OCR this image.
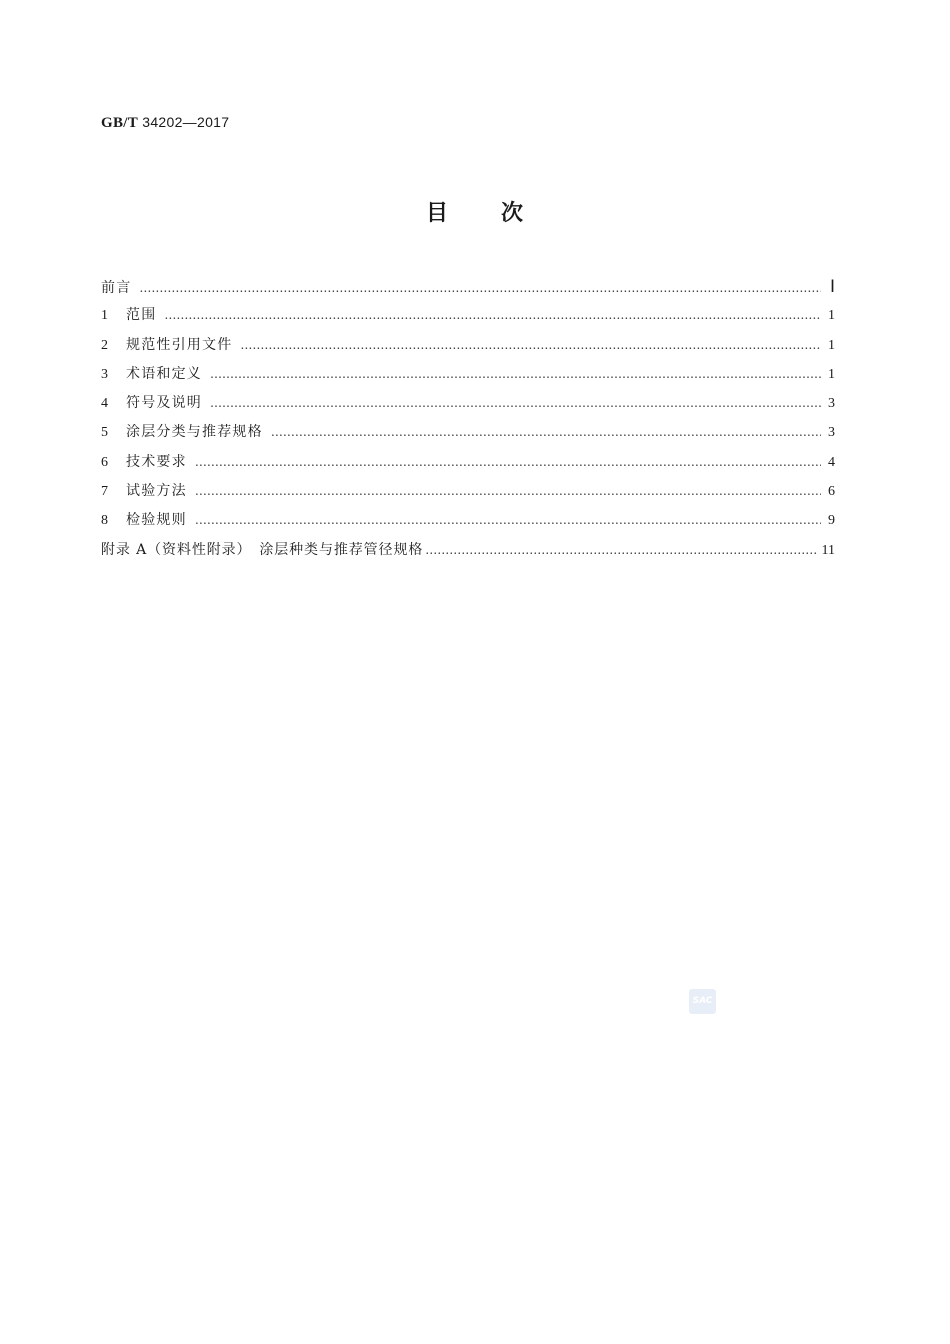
GB/T 34202—2017
目 次
前言 ……………………………………………………………………………………………………………………………………………………………………………………………………	Ⅰ
1	范围 ……………………………………………………………………………………………………………………………………………………………………………………………………	1
2	规范性引用文件 ……………………………………………………………………………………………………………………………………………………………………………………………………	1
3	术语和定义 ……………………………………………………………………………………………………………………………………………………………………………………………………	1
4	符号及说明 ……………………………………………………………………………………………………………………………………………………………………………………………………	3
5	涂层分类与推荐规格 ……………………………………………………………………………………………………………………………………………………………………………………………………	3
6	技术要求 ……………………………………………………………………………………………………………………………………………………………………………………………………	4
7	试验方法 ……………………………………………………………………………………………………………………………………………………………………………………………………	6
8	检验规则 ……………………………………………………………………………………………………………………………………………………………………………………………………	9
附录 A（资料性附录）　涂层种类与推荐管径规格 ……………………………………………………………………………………………………………………………………………………………………………………………………	11
SAC
